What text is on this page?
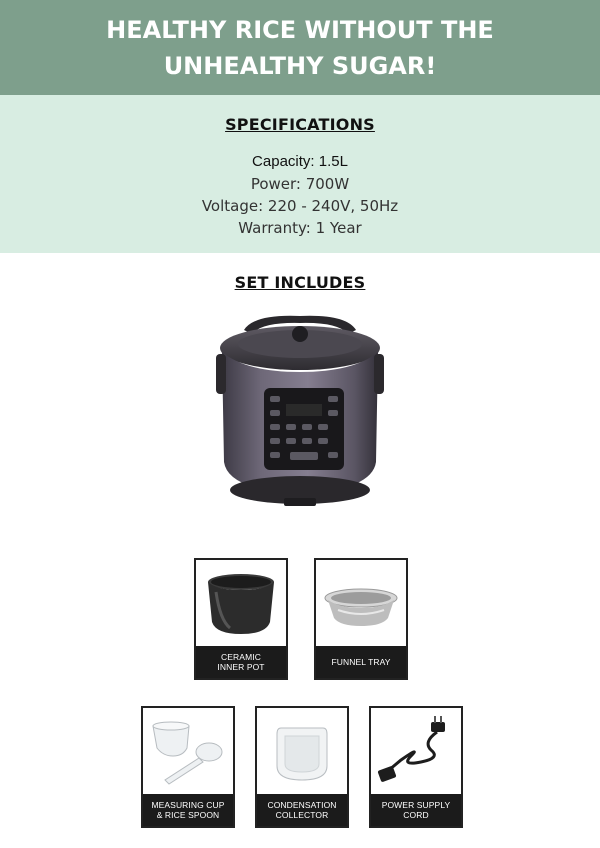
HEALTHY RICE WITHOUT THE
UNHEALTHY SUGAR!
SPECIFICATIONS
Capacity: 1.5L
Power: 700W
Voltage: 220 - 240V, 50Hz
Warranty: 1 Year
SET INCLUDES
CERAMIC
INNER POT	FUNNEL TRAY
MEASURING CUP
& RICE SPOON
CONDENSATION
COLLECTOR
POWER SUPPLY
CORD
